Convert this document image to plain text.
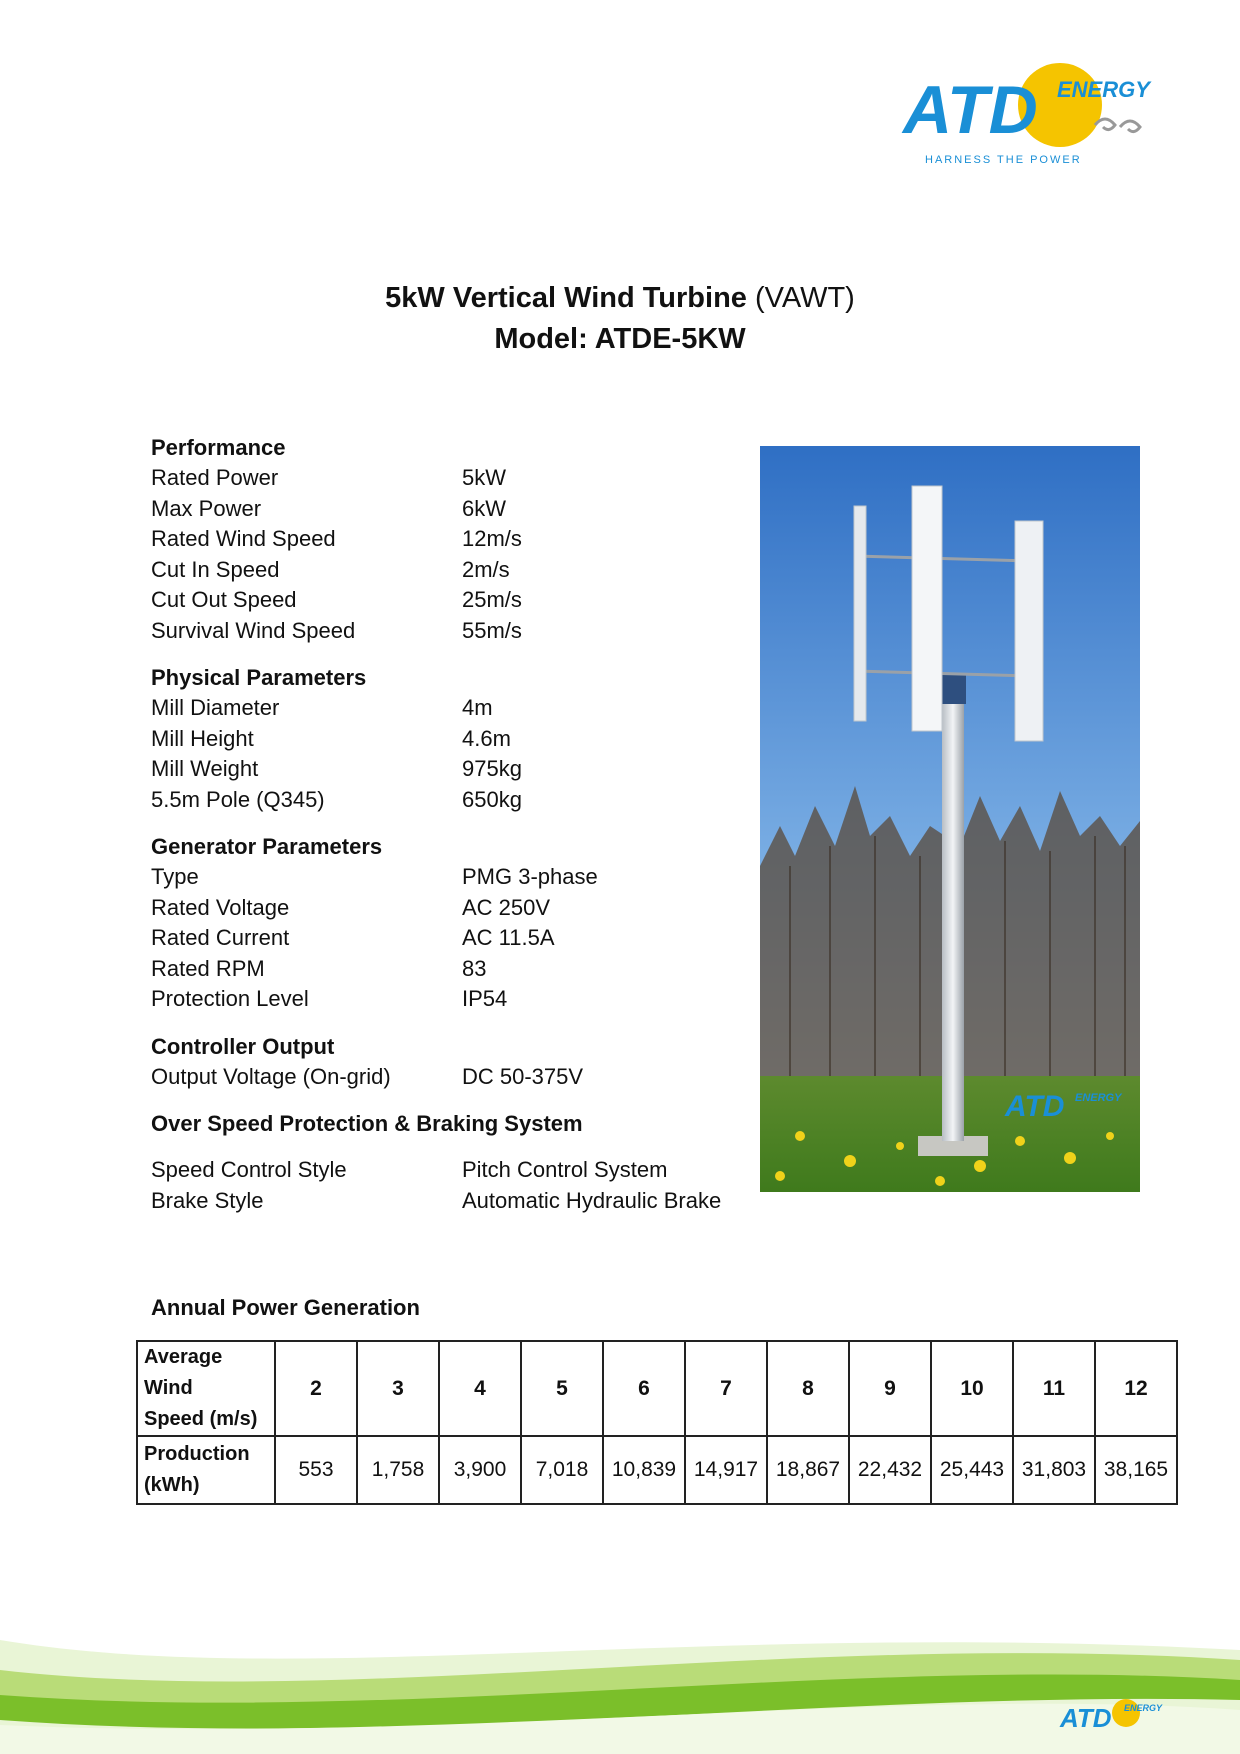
ATD ENERGY
HARNESS THE POWER
5kW Vertical Wind Turbine (VAWT)
Model: ATDE-5KW
Performance
Rated Power	5kW
Max Power	6kW
Rated Wind Speed	12m/s
Cut In Speed	2m/s
Cut Out Speed	25m/s
Survival Wind Speed	55m/s
Physical Parameters
Mill Diameter	4m
Mill Height	4.6m
Mill Weight	975kg
5.5m Pole (Q345)	650kg
Generator Parameters
Type	PMG 3-phase
Rated Voltage	AC 250V
Rated Current	AC 11.5A
Rated RPM	83
Protection Level	IP54
Controller Output
Output Voltage (On-grid)	DC 50-375V
Over Speed Protection & Braking System
Speed Control Style	Pitch Control System
Brake Style	Automatic Hydraulic Brake
ATD ENERGY
Annual Power Generation
Average Wind
Speed (m/s)	2	3	4	5	6	7	8	9	10	11	12
Production
(kWh)	553	1,758	3,900	7,018	10,839	14,917	18,867	22,432	25,443	31,803	38,165
ATD ENERGY
